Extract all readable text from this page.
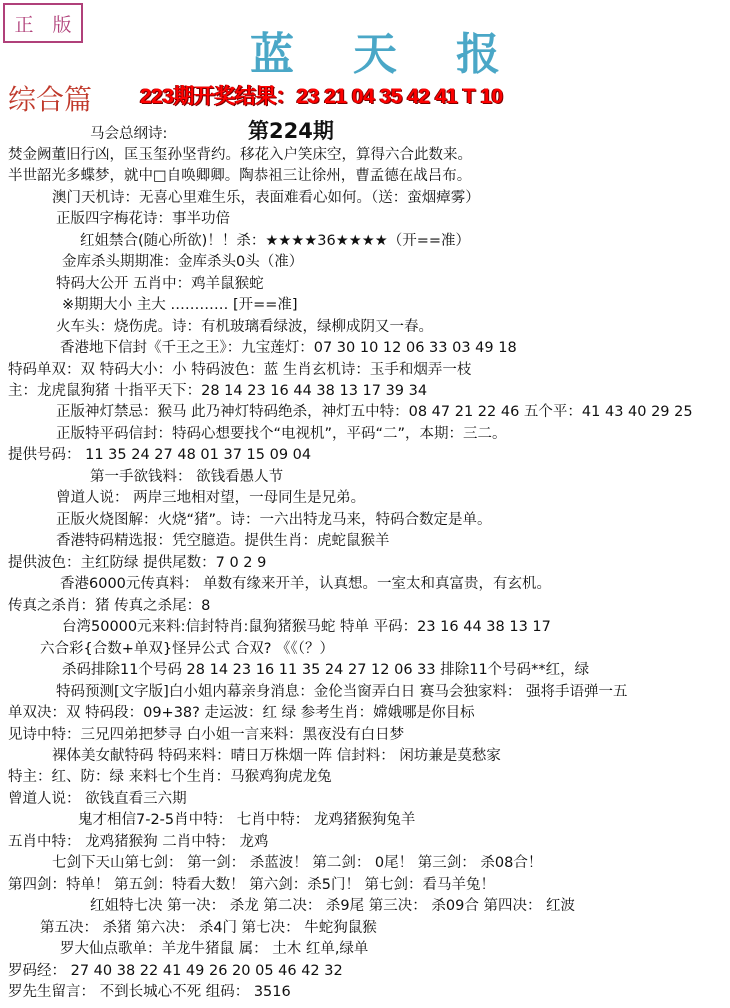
正 版
蓝 天 报
综合篇 223期开奖结果：23 21 04 35 42 41 T 10
马会总纲诗:	第224期
焚金阙董旧行凶，匡玉玺孙坚背约。移花入户笑床空，算得六合此数来。
半世韶光多蝶梦，就中□自唤卿卿。陶恭祖三让徐州，曹孟德在战吕布。
澳门天机诗：无喜心里难生乐，表面难看心如何。（送：蛮烟瘴雾）
正版四字梅花诗：事半功倍
红姐禁合(随心所欲)！！杀：★★★★36★★★★（开==准）
金库杀头期期准：金库杀头0头（准）
特码大公开 五肖中：鸡羊鼠猴蛇
※期期大小 主大 ………… [开==准]
火车头：烧伤虎。诗：有机玻璃看绿波，绿柳成阴又一春。
香港地下信封《千王之王》：九宝莲灯：07 30 10 12 06 33 03 49 18
特码单双：双 特码大小：小 特码波色：蓝 生肖玄机诗：玉手和烟弄一枝
主：龙虎鼠狗猪 十指平天下：28 14 23 16 44 38 13 17 39 34
正版神灯禁忌：猴马 此乃神灯特码绝杀，神灯五中特：08 47 21 22 46 五个平：41 43 40 29 25
正版特平码信封：特码心想要找个“电视机”，平码“二”，本期：三二。
提供号码： 11 35 24 27 48 01 37 15 09 04
第一手欲钱料： 欲钱看愚人节
曾道人说： 两岸三地相对望，一母同生是兄弟。
正版火烧图解：火烧“猪”。诗：一六出特龙马来，特码合数定是单。
香港特码精选报：凭空臆造。提供生肖：虎蛇鼠猴羊
提供波色：主红防绿 提供尾数：7 0 2 9
香港6000元传真料： 单数有缘来开羊，认真想。一室太和真富贵，有玄机。
传真之杀肖：猪 传真之杀尾：8
台湾50000元来料:信封特肖:鼠狗猪猴马蛇 特单 平码：23 16 44 38 13 17
六合彩{合数+单双}怪异公式 合双? 《《（？）
杀码排除11个号码 28 14 23 16 11 35 24 27 12 06 33 排除11个号码**红，绿
特码预测[文字版]白小姐内幕亲身消息：金伦当窗弄白日 赛马会独家料： 强将手语弹一五
单双决：双 特码段：09+38? 走运波：红 绿 参考生肖：嫦娥哪是你目标
见诗中特：三兄四弟把梦寻 白小姐一言来料：黑夜没有白日梦
裸体美女献特码 特码来料：晴日万株烟一阵 信封料： 闲坊兼是莫愁家
特主：红、防：绿 来料七个生肖：马猴鸡狗虎龙兔
曾道人说： 欲钱直看三六期
鬼才相信7-2-5肖中特： 七肖中特： 龙鸡猪猴狗兔羊
五肖中特： 龙鸡猪猴狗 二肖中特： 龙鸡
七剑下天山第七剑： 第一剑： 杀蓝波！ 第二剑： 0尾！ 第三剑： 杀08合！
第四剑：特单！ 第五剑：特看大数！ 第六剑：杀5门！ 第七剑：看马羊兔！
红姐特七决 第一决： 杀龙 第二决： 杀9尾 第三决： 杀09合 第四决： 红波
第五决： 杀猪 第六决： 杀4门 第七决： 牛蛇狗鼠猴
罗大仙点歌单：羊龙牛猪鼠 属： 土木 红单,绿单
罗码经： 27 40 38 22 41 49 26 20 05 46 42 32
罗先生留言： 不到长城心不死 组码： 3516
